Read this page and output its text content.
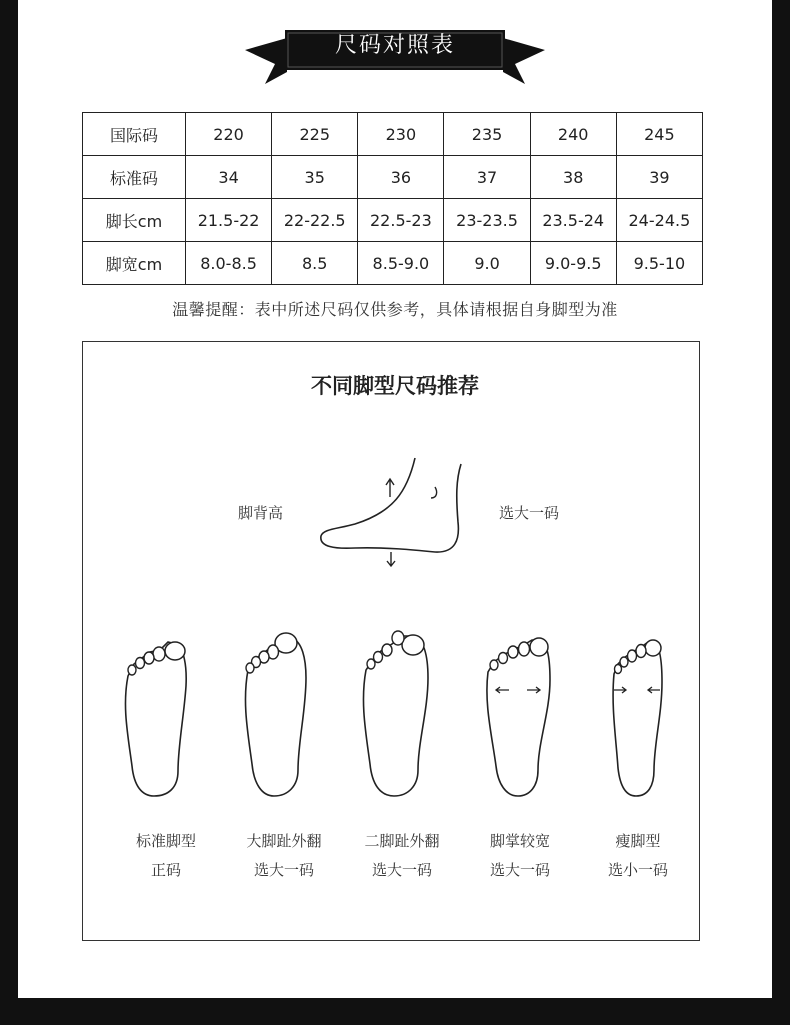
尺码对照表
国际码	220	225	230	235	240	245
标准码	34	35	36	37	38	39
脚长cm	21.5-22	22-22.5	22.5-23	23-23.5	23.5-24	24-24.5
脚宽cm	8.0-8.5	8.5	8.5-9.0	9.0	9.0-9.5	9.5-10
温馨提醒：表中所述尺码仅供参考，具体请根据自身脚型为准
不同脚型尺码推荐
脚背高	选大一码
标准脚型
正码
大脚趾外翻
选大一码
二脚趾外翻
选大一码
脚掌较宽
选大一码
瘦脚型
选小一码
